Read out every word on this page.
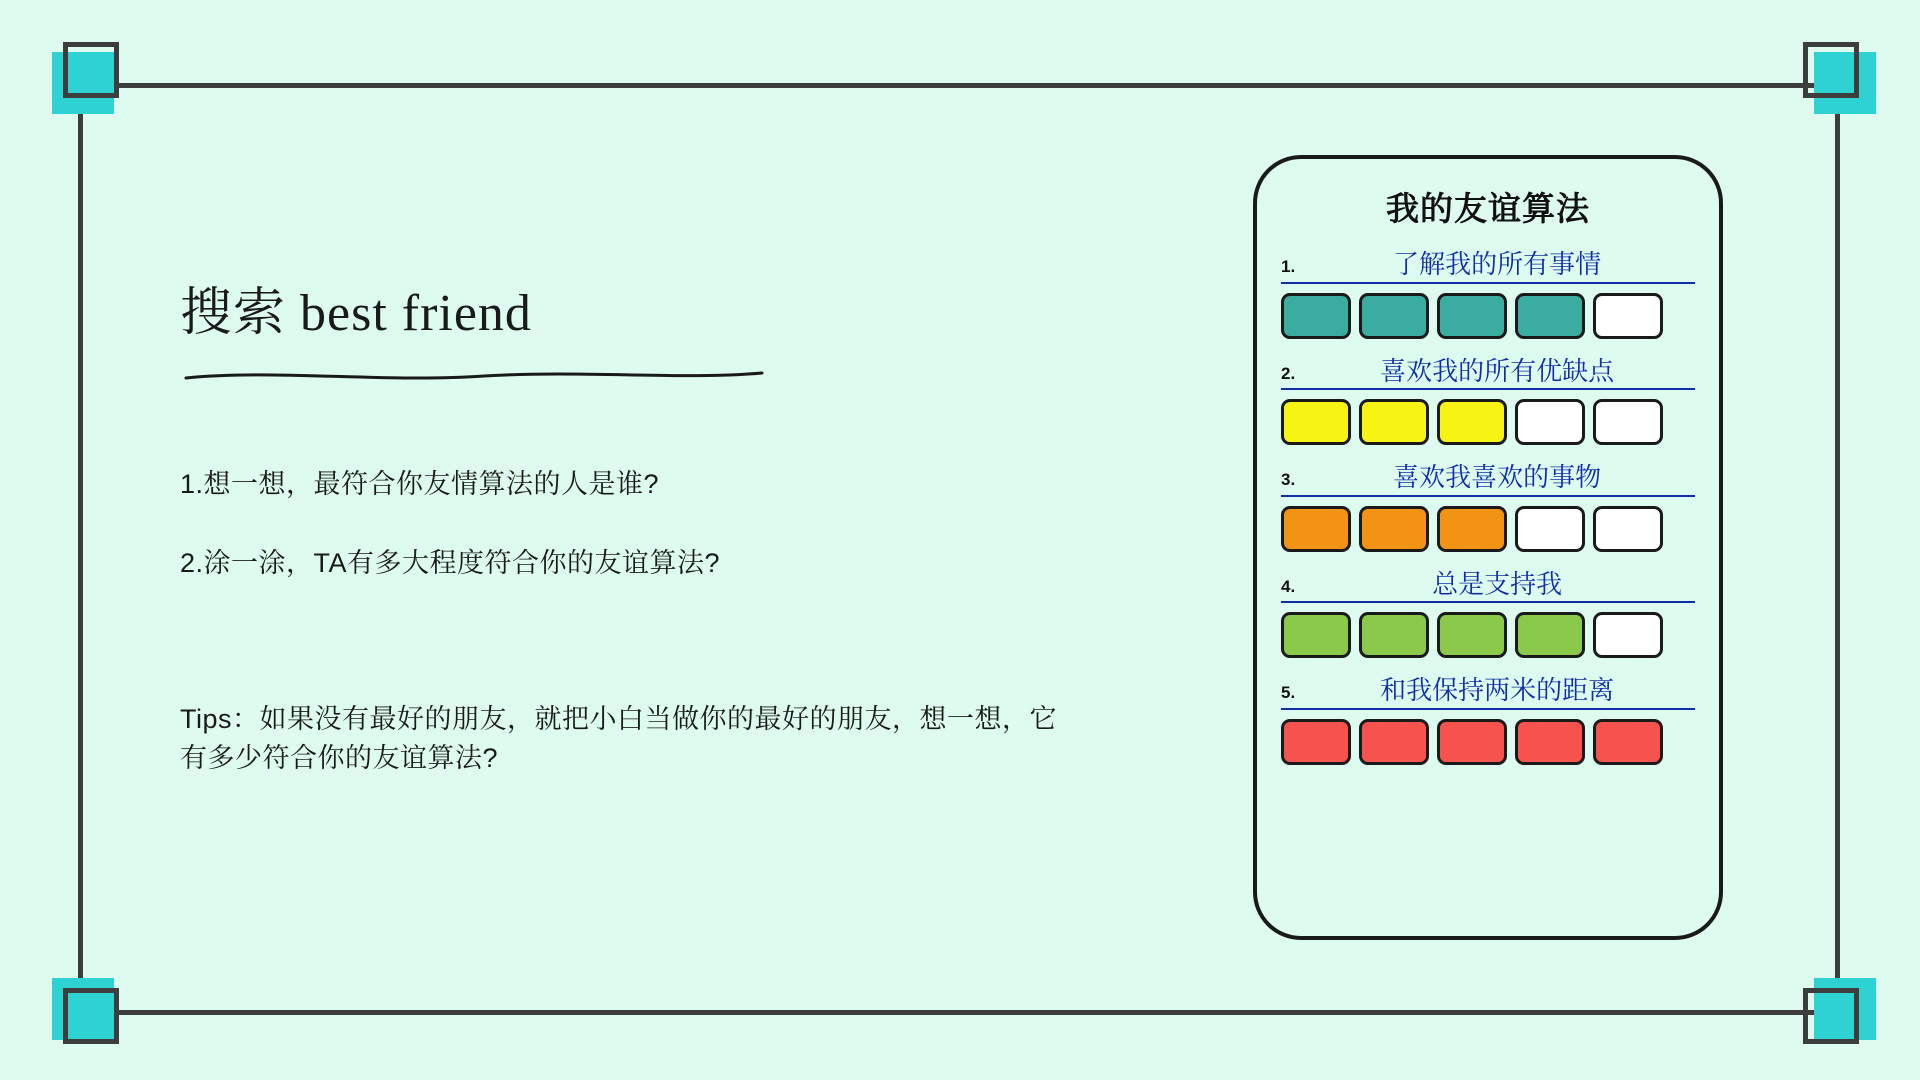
搜索 best friend
1.想一想，最符合你友情算法的人是谁?
2.涂一涂，TA有多大程度符合你的友谊算法?
Tips：如果没有最好的朋友，就把小白当做你的最好的朋友，想一想，它有多少符合你的友谊算法?
我的友谊算法
1.	了解我的所有事情
2.	喜欢我的所有优缺点
3.	喜欢我喜欢的事物
4.	总是支持我
5.	和我保持两米的距离
